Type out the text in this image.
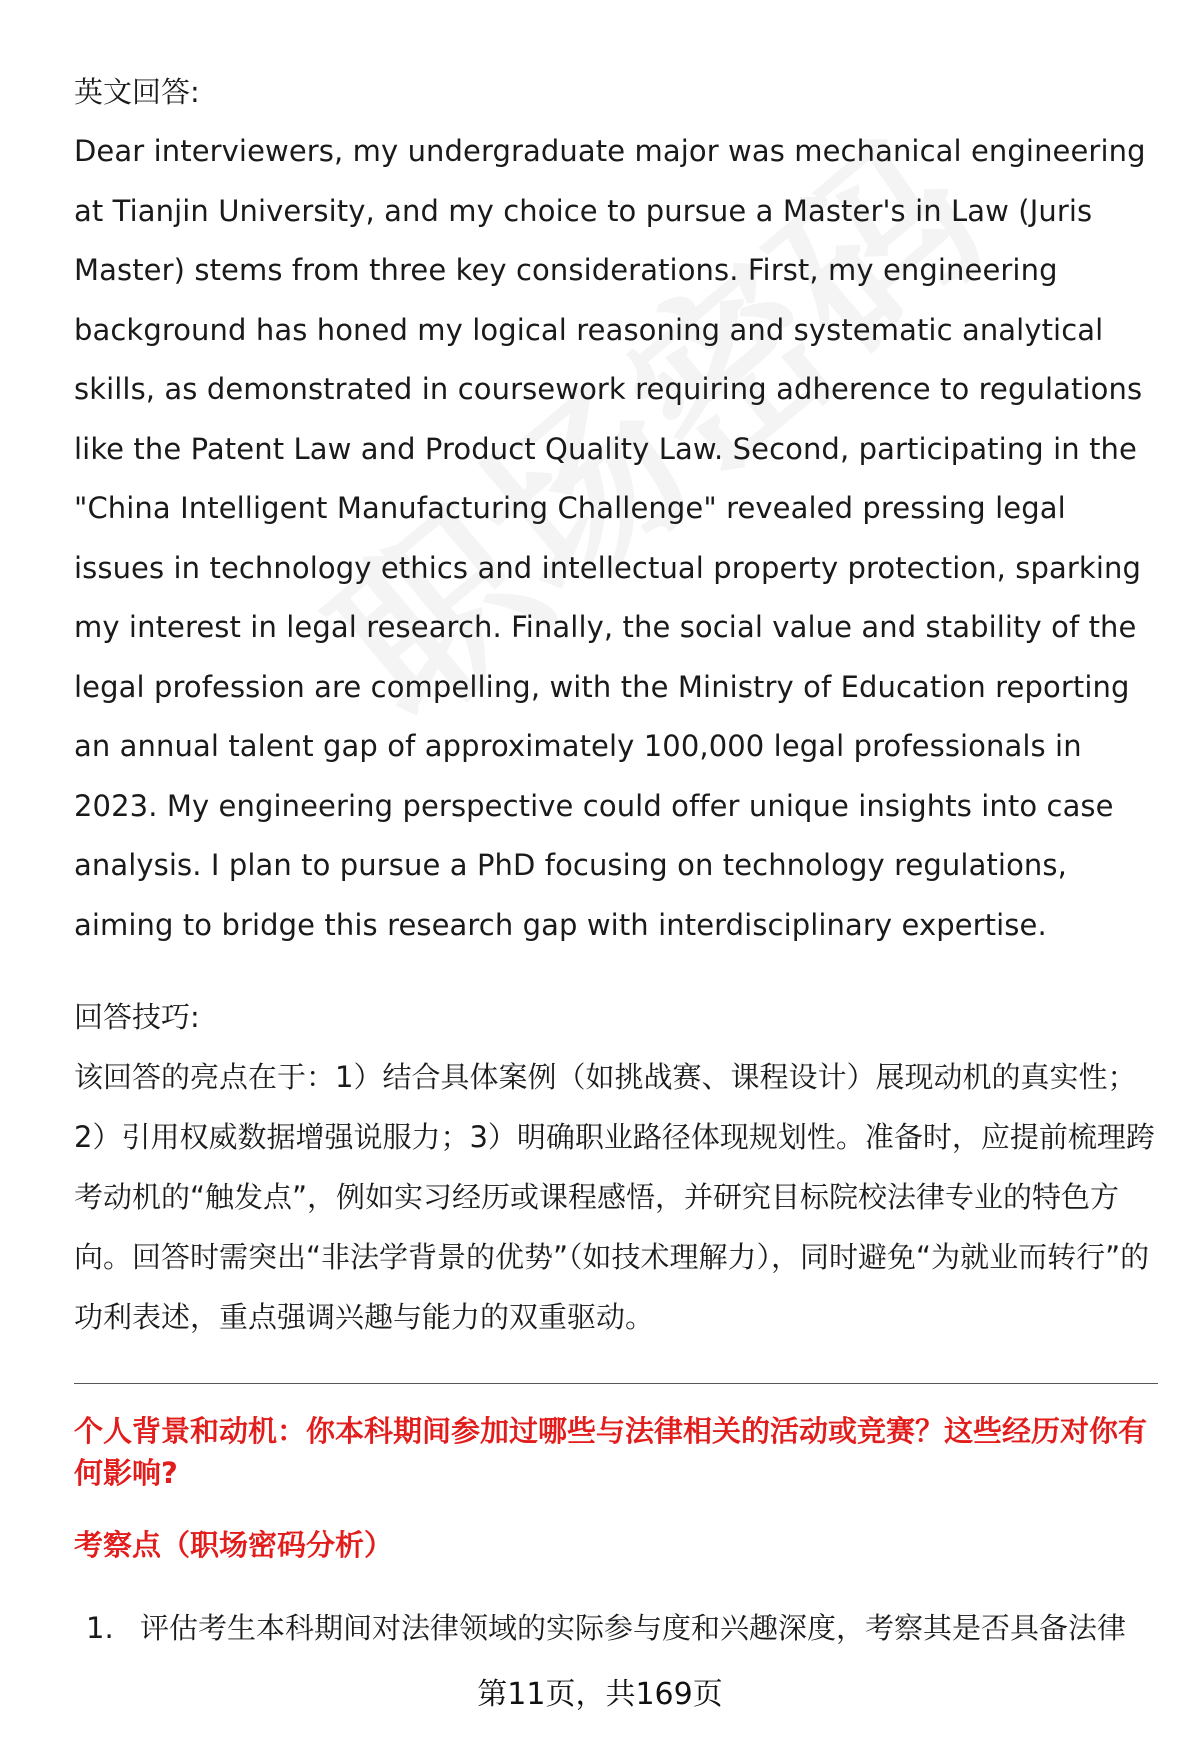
英文回答:

Dear interviewers, my undergraduate major was mechanical engineering at Tianjin University, and my choice to pursue a Master's in Law (Juris Master) stems from three key considerations. First, my engineering background has honed my logical reasoning and systematic analytical skills, as demonstrated in coursework requiring adherence to regulations like the Patent Law and Product Quality Law. Second, participating in the "China Intelligent Manufacturing Challenge" revealed pressing legal issues in technology ethics and intellectual property protection, sparking my interest in legal research. Finally, the social value and stability of the legal profession are compelling, with the Ministry of Education reporting an annual talent gap of approximately 100,000 legal professionals in 2023. My engineering perspective could offer unique insights into case analysis. I plan to pursue a PhD focusing on technology regulations, aiming to bridge this research gap with interdisciplinary expertise.

回答技巧:

该回答的亮点在于：1）结合具体案例（如挑战赛、课程设计）展现动机的真实性；2）引用权威数据增强说服力；3）明确职业路径体现规划性。准备时，应提前梳理跨考动机的“触发点”，例如实习经历或课程感悟，并研究目标院校法律专业的特色方向。回答时需突出“非法学背景的优势”（如技术理解力），同时避免“为就业而转行”的功利表述，重点强调兴趣与能力的双重驱动。

个人背景和动机：你本科期间参加过哪些与法律相关的活动或竞赛？这些经历对你有何影响?

考察点（职场密码分析）

1. 评估考生本科期间对法律领域的实际参与度和兴趣深度，考察其是否具备法律
第11页，共169页
